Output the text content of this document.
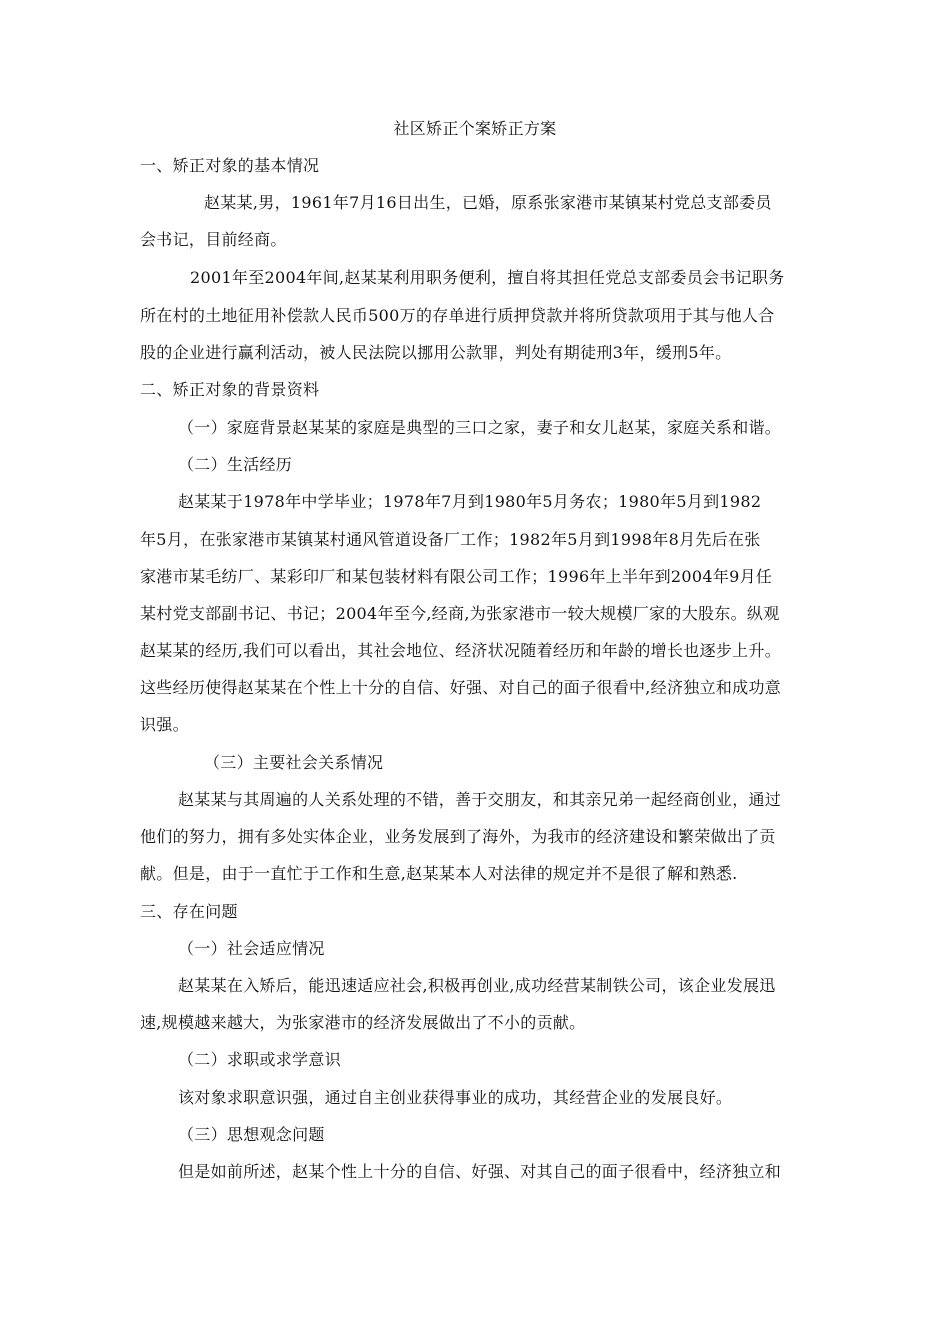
社区矫正个案矫正方案
一、矫正对象的基本情况
赵某某,男，1961年7月16日出生，已婚，原系张家港市某镇某村党总支部委员
会书记，目前经商。
2001年至2004年间,赵某某利用职务便利，擅自将其担任党总支部委员会书记职务
所在村的土地征用补偿款人民币500万的存单进行质押贷款并将所贷款项用于其与他人合
股的企业进行赢利活动，被人民法院以挪用公款罪，判处有期徒刑3年，缓刑5年。
二、矫正对象的背景资料
（一）家庭背景赵某某的家庭是典型的三口之家，妻子和女儿赵某，家庭关系和谐。
（二）生活经历
赵某某于1978年中学毕业；1978年7月到1980年5月务农；1980年5月到1982
年5月，在张家港市某镇某村通风管道设备厂工作；1982年5月到1998年8月先后在张
家港市某毛纺厂、某彩印厂和某包装材料有限公司工作；1996年上半年到2004年9月任
某村党支部副书记、书记；2004年至今,经商,为张家港市一较大规模厂家的大股东。纵观
赵某某的经历,我们可以看出，其社会地位、经济状况随着经历和年龄的增长也逐步上升。
这些经历使得赵某某在个性上十分的自信、好强、对自己的面子很看中,经济独立和成功意
识强。
（三）主要社会关系情况
赵某某与其周遍的人关系处理的不错，善于交朋友，和其亲兄弟一起经商创业，通过
他们的努力，拥有多处实体企业，业务发展到了海外，为我市的经济建设和繁荣做出了贡
献。但是，由于一直忙于工作和生意,赵某某本人对法律的规定并不是很了解和熟悉.
三、存在问题
（一）社会适应情况
赵某某在入矫后，能迅速适应社会,积极再创业,成功经营某制铁公司，该企业发展迅
速,规模越来越大，为张家港市的经济发展做出了不小的贡献。
（二）求职或求学意识
该对象求职意识强，通过自主创业获得事业的成功，其经营企业的发展良好。
（三）思想观念问题
但是如前所述，赵某个性上十分的自信、好强、对其自己的面子很看中，经济独立和
